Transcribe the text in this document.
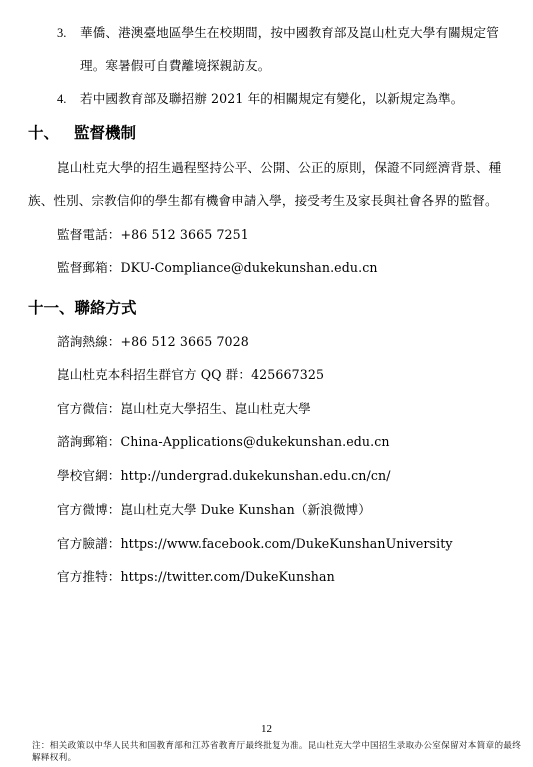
3. 華僑、港澳臺地區學生在校期間，按中國教育部及崑山杜克大學有關規定管
理。寒暑假可自費離境探親訪友。
4. 若中國教育部及聯招辦 2021 年的相關規定有變化，以新規定為準。
十、 監督機制
崑山杜克大學的招生過程堅持公平、公開、公正的原則，保證不同經濟背景、種
族、性別、宗教信仰的學生都有機會申請入學，接受考生及家長與社會各界的監督。
監督電話：+86 512 3665 7251
監督郵箱：DKU-Compliance@dukekunshan.edu.cn
十一、聯絡方式
諮詢熱線：+86 512 3665 7028
崑山杜克本科招生群官方 QQ 群：425667325
官方微信：崑山杜克大學招生、崑山杜克大學
諮詢郵箱：China-Applications@dukekunshan.edu.cn
學校官網：http://undergrad.dukekunshan.edu.cn/cn/
官方微博：崑山杜克大學 Duke Kunshan（新浪微博）
官方臉譜：https://www.facebook.com/DukeKunshanUniversity
官方推特：https://twitter.com/DukeKunshan
12
注：相关政策以中华人民共和国教育部和江苏省教育厅最终批复为准。昆山杜克大学中国招生录取办公室保留对本简章的最终解释权利。
